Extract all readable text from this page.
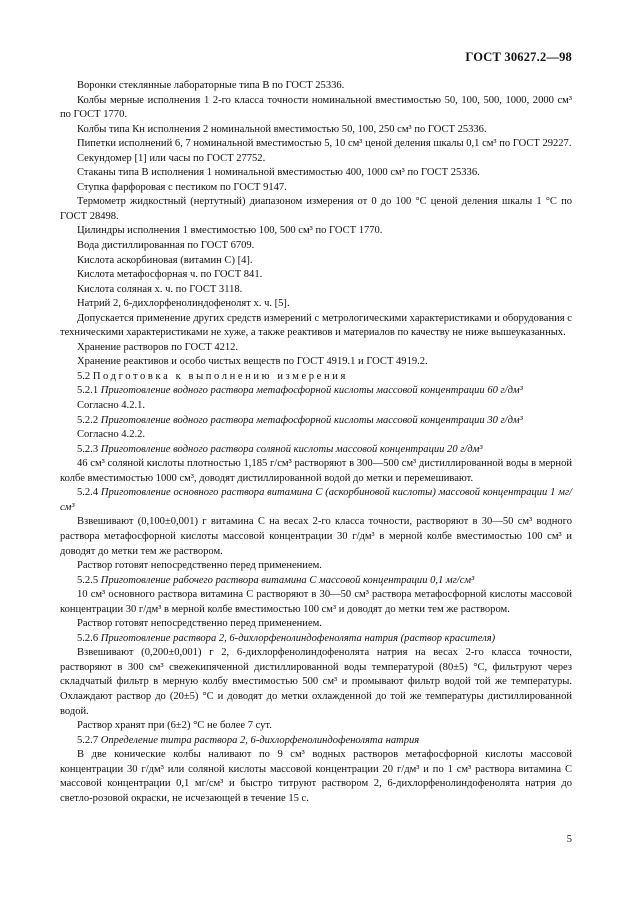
ГОСТ 30627.2—98

Воронки стеклянные лабораторные типа В по ГОСТ 25336.

Колбы мерные исполнения 1 2-го класса точности номинальной вместимостью 50, 100, 500, 1000, 2000 см³ по ГОСТ 1770.

Колбы типа Кн исполнения 2 номинальной вместимостью 50, 100, 250 см³ по ГОСТ 25336.

Пипетки исполнений 6, 7 номинальной вместимостью 5, 10 см³ ценой деления шкалы 0,1 см³ по ГОСТ 29227.

Секундомер [1] или часы по ГОСТ 27752.

Стаканы типа В исполнения 1 номинальной вместимостью 400, 1000 см³ по ГОСТ 25336.

Ступка фарфоровая с пестиком по ГОСТ 9147.

Термометр жидкостный (нертутный) диапазоном измерения от 0 до 100 °С ценой деления шкалы 1 °С по ГОСТ 28498.

Цилиндры исполнения 1 вместимостью 100, 500 см³ по ГОСТ 1770.

Вода дистиллированная по ГОСТ 6709.

Кислота аскорбиновая (витамин С) [4].

Кислота метафосфорная ч. по ГОСТ 841.

Кислота соляная х. ч. по ГОСТ 3118.

Натрий 2, 6-дихлорфенолиндофенолят х. ч. [5].

Допускается применение других средств измерений с метрологическими характеристиками и оборудования с техническими характеристиками не хуже, а также реактивов и материалов по качеству не ниже вышеуказанных.

Хранение растворов по ГОСТ 4212.

Хранение реактивов и особо чистых веществ по ГОСТ 4919.1 и ГОСТ 4919.2.

5.2 Подготовка к выполнению измерения

5.2.1 Приготовление водного раствора метафосфорной кислоты массовой концентрации 60 г/дм³

Согласно 4.2.1.

5.2.2 Приготовление водного раствора метафосфорной кислоты массовой концентрации 30 г/дм³

Согласно 4.2.2.

5.2.3 Приготовление водного раствора соляной кислоты массовой концентрации 20 г/дм³

46 см³ соляной кислоты плотностью 1,185 г/см³ растворяют в 300—500 см³ дистиллированной воды в мерной колбе вместимостью 1000 см³, доводят дистиллированной водой до метки и перемешивают.

5.2.4 Приготовление основного раствора витамина С (аскорбиновой кислоты) массовой концентрации 1 мг/см³

Взвешивают (0,100±0,001) г витамина С на весах 2-го класса точности, растворяют в 30—50 см³ водного раствора метафосфорной кислоты массовой концентрации 30 г/дм³ в мерной колбе вместимостью 100 см³ и доводят до метки тем же раствором.

Раствор готовят непосредственно перед применением.

5.2.5 Приготовление рабочего раствора витамина С массовой концентрации 0,1 мг/см³

10 см³ основного раствора витамина С растворяют в 30—50 см³ раствора метафосфорной кислоты массовой концентрации 30 г/дм³ в мерной колбе вместимостью 100 см³ и доводят до метки тем же раствором.

Раствор готовят непосредственно перед применением.

5.2.6 Приготовление раствора 2, 6-дихлорфенолиндофенолята натрия (раствор красителя)

Взвешивают (0,200±0,001) г 2, 6-дихлорфенолиндофенолята натрия на весах 2-го класса точности, растворяют в 300 см³ свежекипяченной дистиллированной воды температурой (80±5) °С, фильтруют через складчатый фильтр в мерную колбу вместимостью 500 см³ и промывают фильтр водой той же температуры. Охлаждают раствор до (20±5) °С и доводят до метки охлажденной до той же температуры дистиллированной водой.

Раствор хранят при (6±2) °С не более 7 сут.

5.2.7 Определение титра раствора 2, 6-дихлорфенолиндофенолята натрия

В две конические колбы наливают по 9 см³ водных растворов метафосфорной кислоты массовой концентрации 30 г/дм³ или соляной кислоты массовой концентрации 20 г/дм³ и по 1 см³ раствора витамина С массовой концентрации 0,1 мг/см³ и быстро титруют раствором 2, 6-дихлорфенолиндофенолята натрия до светло-розовой окраски, не исчезающей в течение 15 с.

5
